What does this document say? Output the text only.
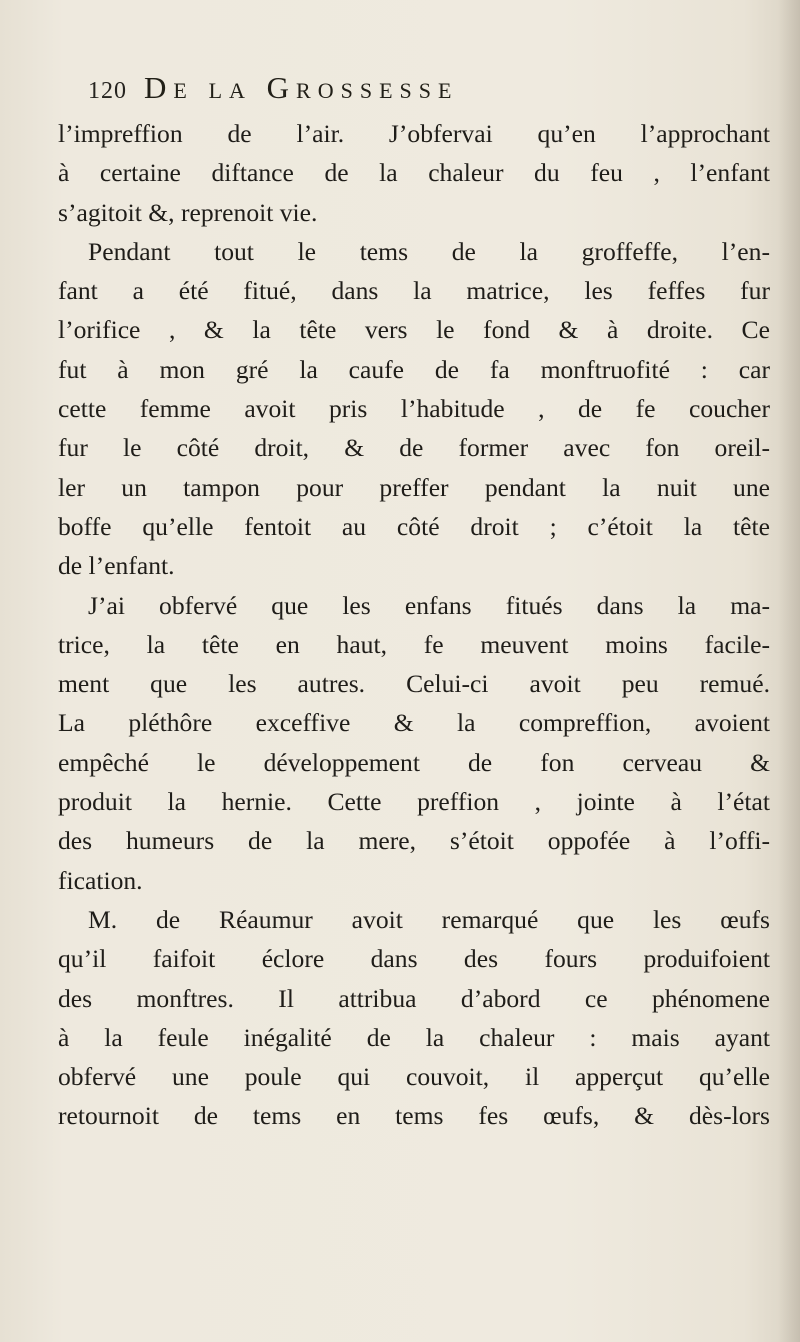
120 De la Grossesse
l’impreffion de l’air. J’obfervai qu’en l’approchant
à certaine diftance de la chaleur du feu , l’enfant
s’agitoit &, reprenoit vie.
Pendant tout le tems de la groffeffe, l’en-
fant a été fitué, dans la matrice, les feffes fur
l’orifice , & la tête vers le fond & à droite. Ce
fut à mon gré la caufe de fa monftruofité : car
cette femme avoit pris l’habitude , de fe coucher
fur le côté droit, & de former avec fon oreil-
ler un tampon pour preffer pendant la nuit une
boffe qu’elle fentoit au côté droit ; c’étoit la tête
de l’enfant.
J’ai obfervé que les enfans fitués dans la ma-
trice, la tête en haut, fe meuvent moins facile-
ment que les autres. Celui-ci avoit peu remué.
La pléthôre exceffive & la compreffion, avoient
empêché le développement de fon cerveau &
produit la hernie. Cette preffion , jointe à l’état
des humeurs de la mere, s’étoit oppofée à l’offi-
fication.
M. de Réaumur avoit remarqué que les œufs
qu’il faifoit éclore dans des fours produifoient
des monftres. Il attribua d’abord ce phénomene
à la feule inégalité de la chaleur : mais ayant
obfervé une poule qui couvoit, il apperçut qu’elle
retournoit de tems en tems fes œufs, & dès-lors
